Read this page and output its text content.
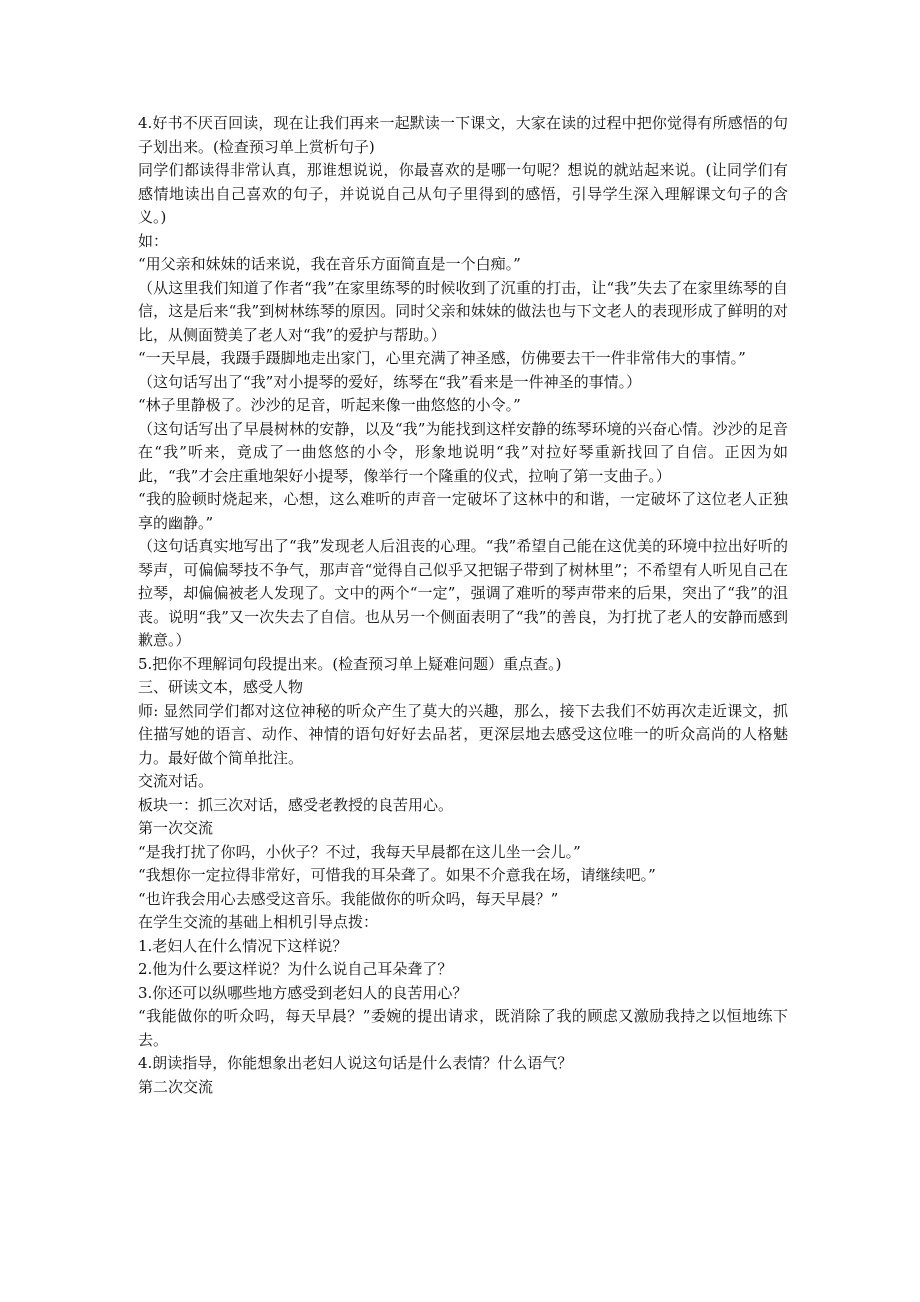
4.好书不厌百回读，现在让我们再来一起默读一下课文，大家在读的过程中把你觉得有所感悟的句子划出来。(检查预习单上赏析句子)

同学们都读得非常认真，那谁想说说，你最喜欢的是哪一句呢？想说的就站起来说。(让同学们有感情地读出自己喜欢的句子，并说说自己从句子里得到的感悟，引导学生深入理解课文句子的含义。)

如：

“用父亲和妹妹的话来说，我在音乐方面简直是一个白痴。”

（从这里我们知道了作者“我”在家里练琴的时候收到了沉重的打击，让“我”失去了在家里练琴的自信，这是后来“我”到树林练琴的原因。同时父亲和妹妹的做法也与下文老人的表现形成了鲜明的对比，从侧面赞美了老人对“我”的爱护与帮助。）

“一天早晨，我蹑手蹑脚地走出家门，心里充满了神圣感，仿佛要去干一件非常伟大的事情。”

（这句话写出了“我”对小提琴的爱好，练琴在“我”看来是一件神圣的事情。）

“林子里静极了。沙沙的足音，听起来像一曲悠悠的小令。”

（这句话写出了早晨树林的安静，以及“我”为能找到这样安静的练琴环境的兴奋心情。沙沙的足音在“我”听来，竟成了一曲悠悠的小令，形象地说明“我”对拉好琴重新找回了自信。正因为如此，“我”才会庄重地架好小提琴，像举行一个隆重的仪式，拉响了第一支曲子。）

“我的脸顿时烧起来，心想，这么难听的声音一定破坏了这林中的和谐，一定破坏了这位老人正独享的幽静。”

（这句话真实地写出了“我”发现老人后沮丧的心理。“我”希望自己能在这优美的环境中拉出好听的琴声，可偏偏琴技不争气，那声音“觉得自己似乎又把锯子带到了树林里”；不希望有人听见自己在拉琴，却偏偏被老人发现了。文中的两个“一定”，强调了难听的琴声带来的后果，突出了“我”的沮丧。说明“我”又一次失去了自信。也从另一个侧面表明了“我”的善良，为打扰了老人的安静而感到歉意。）

5.把你不理解词句段提出来。(检查预习单上疑难问题）重点查。)

三、研读文本，感受人物

师: 显然同学们都对这位神秘的听众产生了莫大的兴趣，那么，接下去我们不妨再次走近课文，抓住描写她的语言、动作、神情的语句好好去品茗，更深层地去感受这位唯一的听众高尚的人格魅力。最好做个简单批注。

交流对话。

板块一：抓三次对话，感受老教授的良苦用心。

第一次交流

“是我打扰了你吗，小伙子？不过，我每天早晨都在这儿坐一会儿。”

“我想你一定拉得非常好，可惜我的耳朵聋了。如果不介意我在场，请继续吧。”

“也许我会用心去感受这音乐。我能做你的听众吗，每天早晨？”

在学生交流的基础上相机引导点拨：

1.老妇人在什么情况下这样说？

2.他为什么要这样说？为什么说自己耳朵聋了？

3.你还可以纵哪些地方感受到老妇人的良苦用心？

“我能做你的听众吗，每天早晨？”委婉的提出请求，既消除了我的顾虑又激励我持之以恒地练下去。

4.朗读指导，你能想象出老妇人说这句话是什么表情？什么语气？

第二次交流
